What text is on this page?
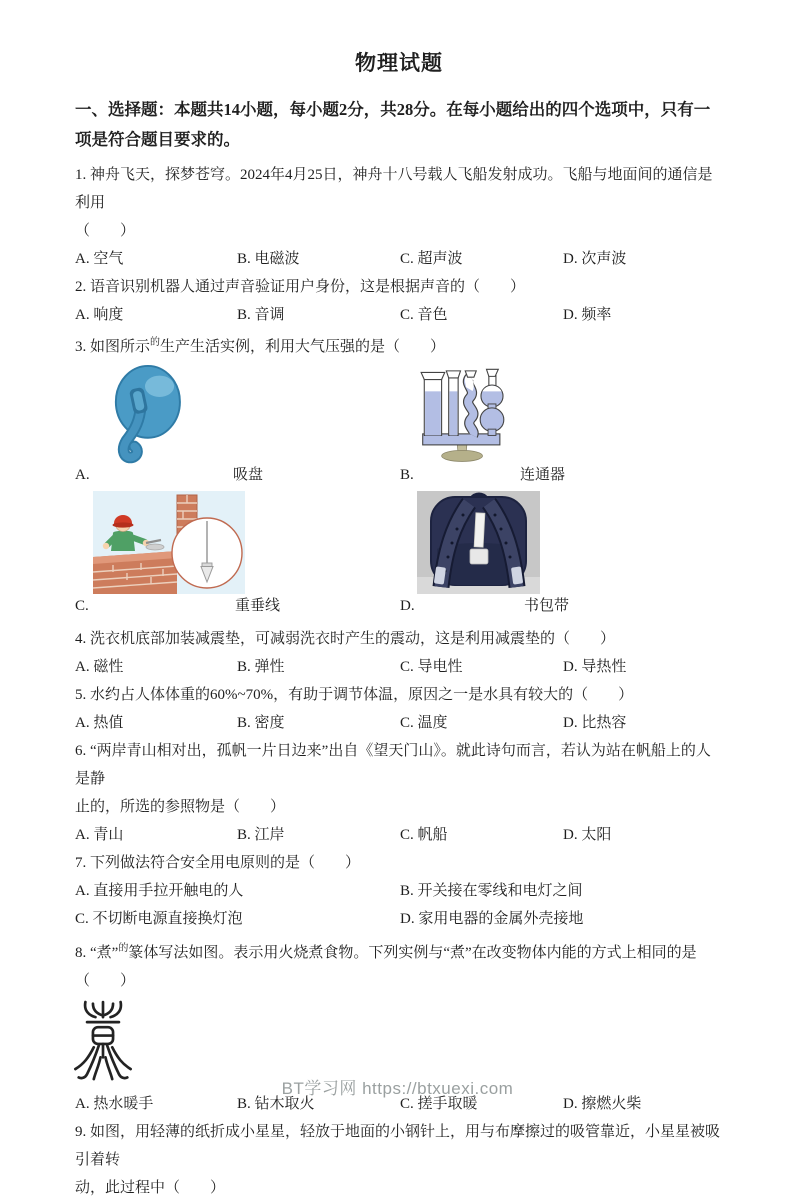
物理试题
一、选择题：本题共14小题，每小题2分，共28分。在每小题给出的四个选项中，只有一
项是符合题目要求的。
1. 神舟飞天，探梦苍穹。2024年4月25日，神舟十八号载人飞船发射成功。飞船与地面间的通信是利用
（　　）
A. 空气	B. 电磁波	C. 超声波	D. 次声波
2. 语音识别机器人通过声音验证用户身份，这是根据声音的（　　）
A. 响度	B. 音调	C. 音色	D. 频率
3. 如图所示$^的$生产生活实例，利用大气压强的是（　　）
A.	吸盘	B.	连通器
C.	重垂线	D.	书包带
4. 洗衣机底部加装减震垫，可减弱洗衣时产生的震动，这是利用减震垫的（　　）
A. 磁性	B. 弹性	C. 导电性	D. 导热性
5. 水约占人体体重的60%~70%，有助于调节体温，原因之一是水具有较大的（　　）
A. 热值	B. 密度	C. 温度	D. 比热容
6. “两岸青山相对出，孤帆一片日边来”出自《望天门山》。就此诗句而言，若认为站在帆船上的人是静
止的，所选的参照物是（　　）
A. 青山	B. 江岸	C. 帆船	D. 太阳
7. 下列做法符合安全用电原则的是（　　）
A. 直接用手拉开触电的人	B. 开关接在零线和电灯之间
C. 不切断电源直接换灯泡	D. 家用电器的金属外壳接地
8. “煮”$^的$篆体写法如图。表示用火烧煮食物。下列实例与“煮”在改变物体内能的方式上相同的是
（　　）
A. 热水暖手	B. 钻木取火	C. 搓手取暖	D. 擦燃火柴
9. 如图，用轻薄的纸折成小星星，轻放于地面的小钢针上，用与布摩擦过的吸管靠近，小星星被吸引着转
动，此过程中（　　）
BT学习网 https://btxuexi.com
